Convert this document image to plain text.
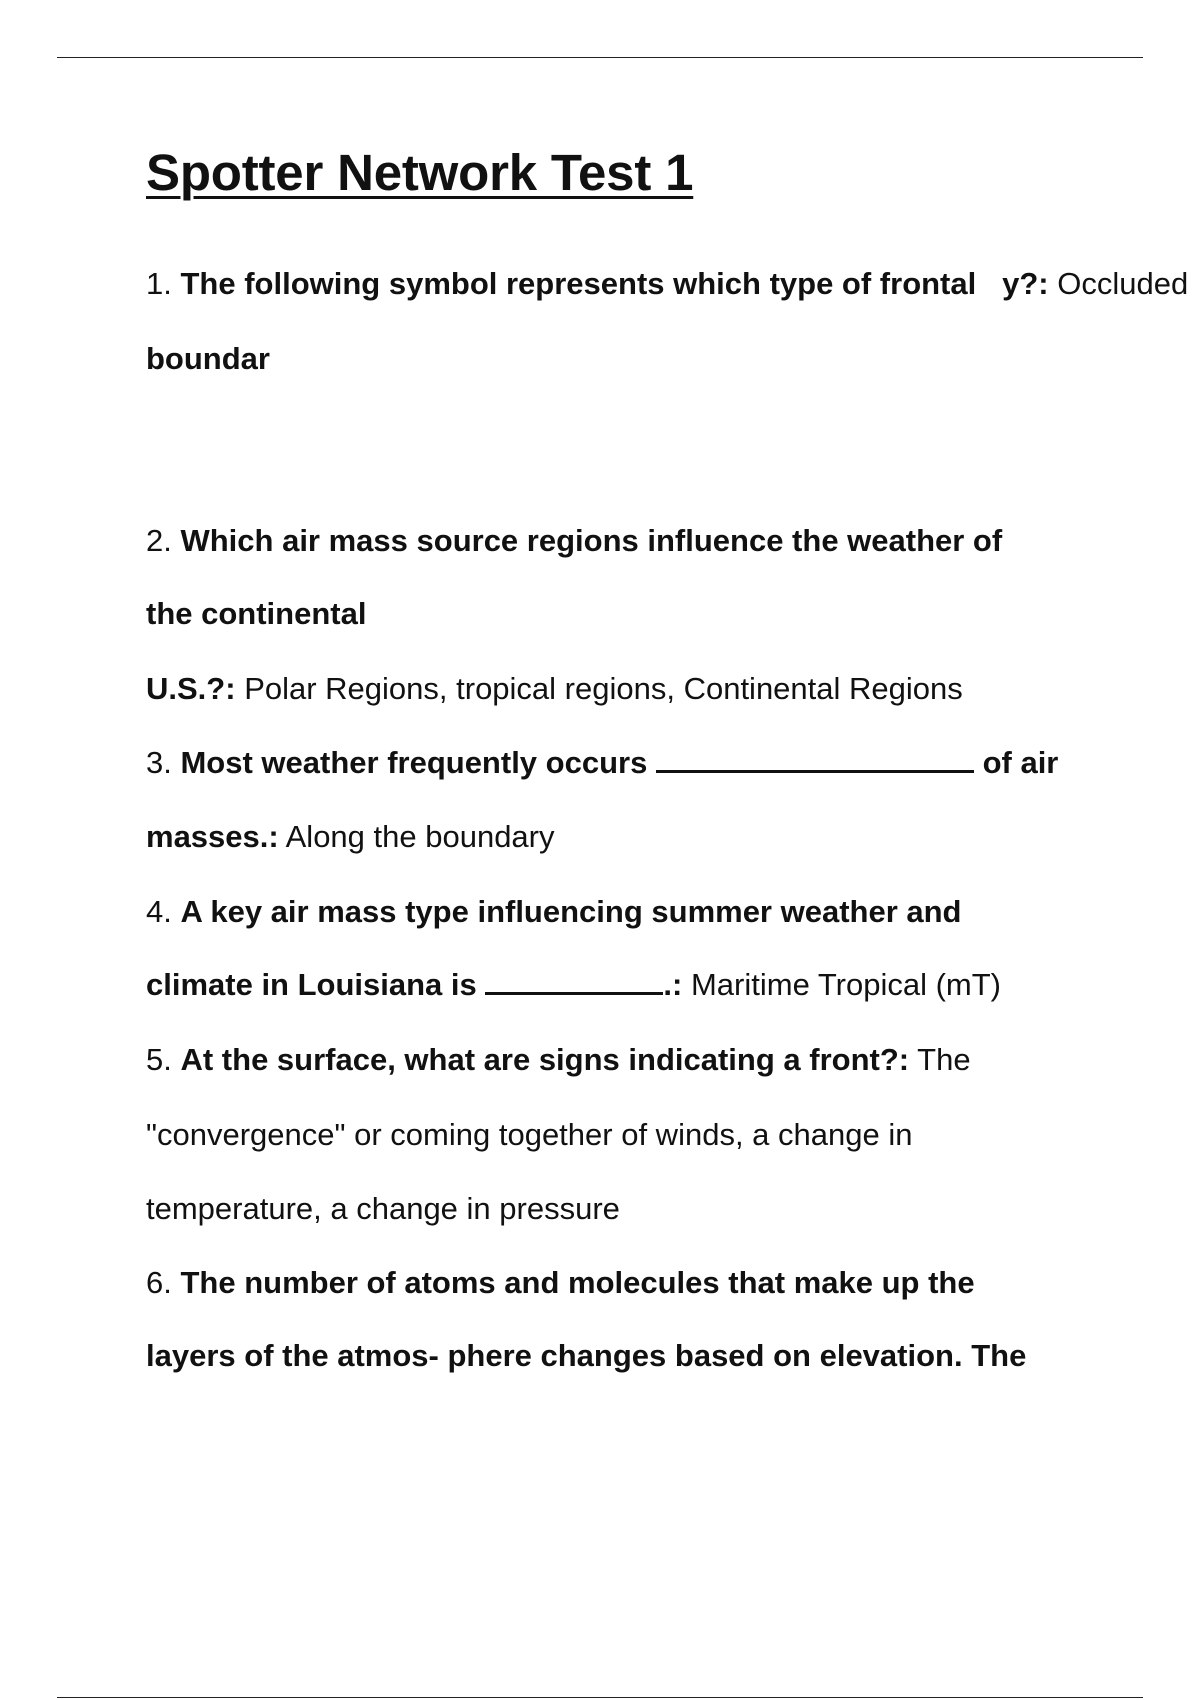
Spotter Network Test 1
1. The following symbol represents which type of frontal y?: Occluded
boundar
2. Which air mass source regions influence the weather of
the continental
U.S.?: Polar Regions, tropical regions, Continental Regions
3. Most weather frequently occurs	of air
masses.: Along the boundary
4. A key air mass type influencing summer weather and
climate in Louisiana is	.: Maritime Tropical (mT)
5. At the surface, what are signs indicating a front?: The
"convergence" or coming together of winds, a change in
temperature, a change in pressure
6. The number of atoms and molecules that make up the
layers of the atmos- phere changes based on elevation. The
